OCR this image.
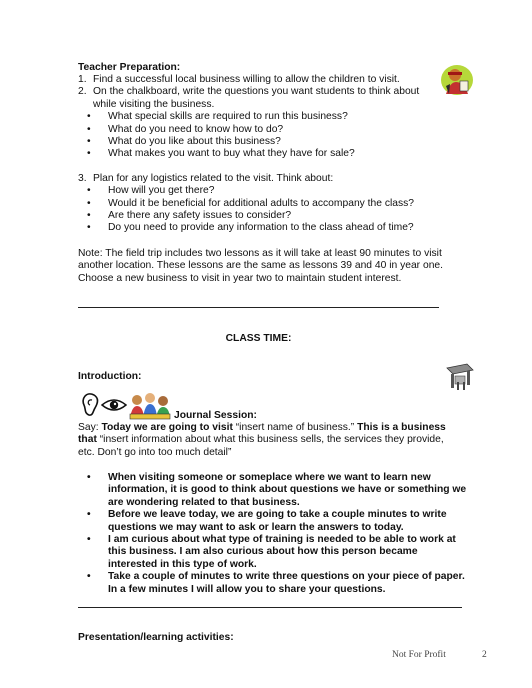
Teacher Preparation:
1. Find a successful local business willing to allow the children to visit.
2. On the chalkboard, write the questions you want students to think about while visiting the business.
• What special skills are required to run this business?
• What do you need to know how to do?
• What do you like about this business?
• What makes you want to buy what they have for sale?
3. Plan for any logistics related to the visit. Think about:
• How will you get there?
• Would it be beneficial for additional adults to accompany the class?
• Are there any safety issues to consider?
• Do you need to provide any information to the class ahead of time?
Note: The field trip includes two lessons as it will take at least 90 minutes to visit another location. These lessons are the same as lessons 39 and 40 in year one. Choose a new business to visit in year two to maintain student interest.
CLASS TIME:
Introduction:
Journal Session:
Say: Today we are going to visit “insert name of business.” This is a business that “insert information about what this business sells, the services they provide, etc. Don’t go into too much detail”
• When visiting someone or someplace where we want to learn new information, it is good to think about questions we have or something we are wondering related to that business.
• Before we leave today, we are going to take a couple minutes to write questions we may want to ask or learn the answers to today.
• I am curious about what type of training is needed to be able to work at this business. I am also curious about how this person became interested in this type of work.
• Take a couple of minutes to write three questions on your piece of paper. In a few minutes I will allow you to share your questions.
Presentation/learning activities:
Not For Profit	2
